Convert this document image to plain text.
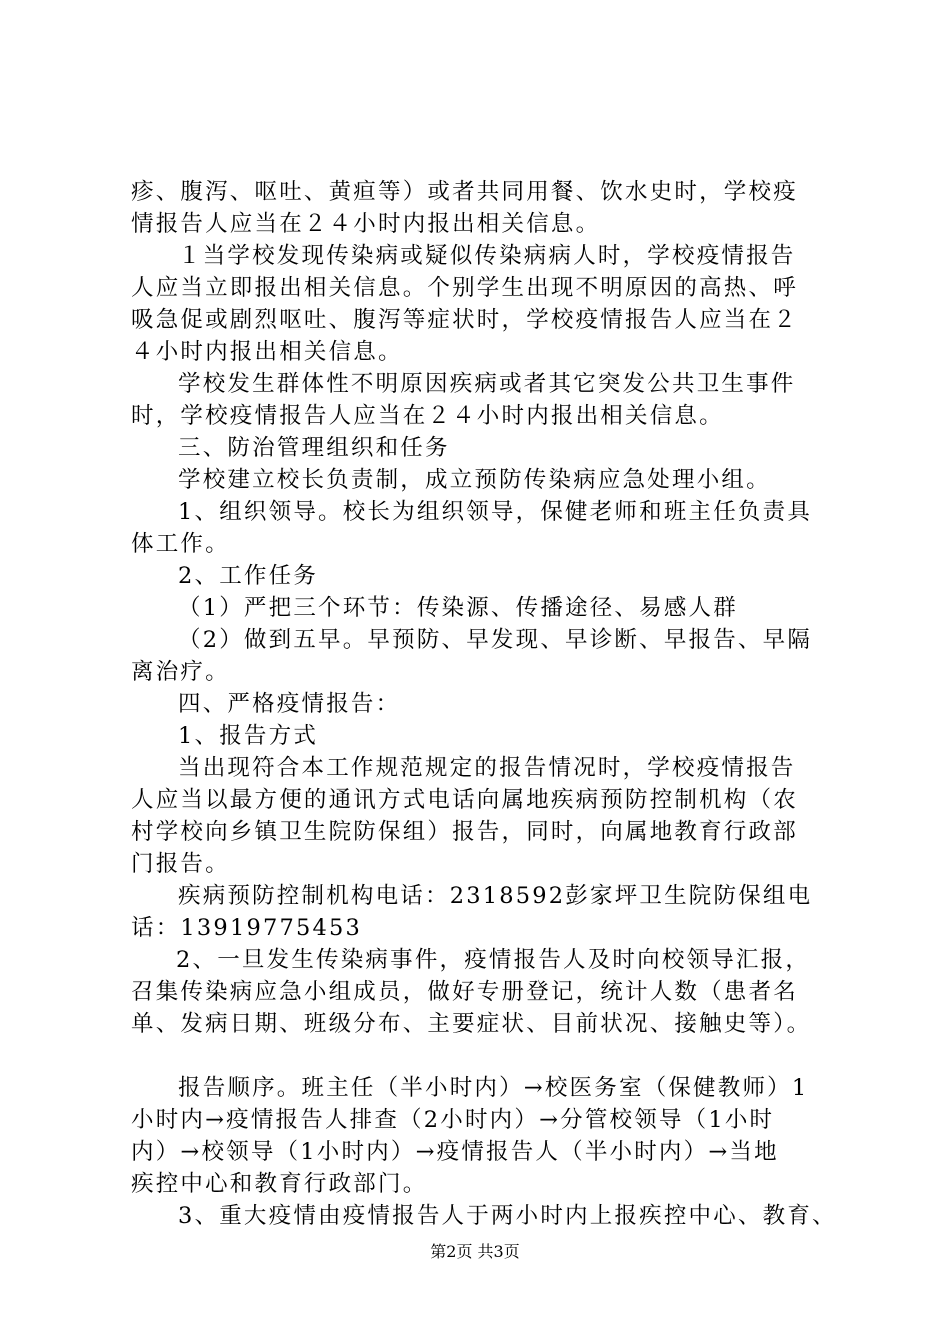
疹、腹泻、呕吐、黄疸等）或者共同用餐、饮水史时，学校疫
情报告人应当在２４小时内报出相关信息。
１当学校发现传染病或疑似传染病病人时，学校疫情报告
人应当立即报出相关信息。个别学生出现不明原因的高热、呼
吸急促或剧烈呕吐、腹泻等症状时，学校疫情报告人应当在２
４小时内报出相关信息。
学校发生群体性不明原因疾病或者其它突发公共卫生事件
时，学校疫情报告人应当在２４小时内报出相关信息。
三、防治管理组织和任务
学校建立校长负责制，成立预防传染病应急处理小组。
1、组织领导。校长为组织领导，保健老师和班主任负责具
体工作。
2、工作任务
（1）严把三个环节：传染源、传播途径、易感人群
（2）做到五早。早预防、早发现、早诊断、早报告、早隔
离治疗。
四、严格疫情报告：
1、报告方式
当出现符合本工作规范规定的报告情况时，学校疫情报告
人应当以最方便的通讯方式电话向属地疾病预防控制机构（农
村学校向乡镇卫生院防保组）报告，同时，向属地教育行政部
门报告。
疾病预防控制机构电话：2318592彭家坪卫生院防保组电
话：13919775453
2、一旦发生传染病事件，疫情报告人及时向校领导汇报，
召集传染病应急小组成员，做好专册登记，统计人数（患者名
单、发病日期、班级分布、主要症状、目前状况、接触史等）。
报告顺序。班主任（半小时内）→校医务室（保健教师）1
小时内→疫情报告人排查（2小时内）→分管校领导（1小时
内）→校领导（1小时内）→疫情报告人（半小时内）→当地
疾控中心和教育行政部门。
3、重大疫情由疫情报告人于两小时内上报疾控中心、教育、
第2页 共3页
